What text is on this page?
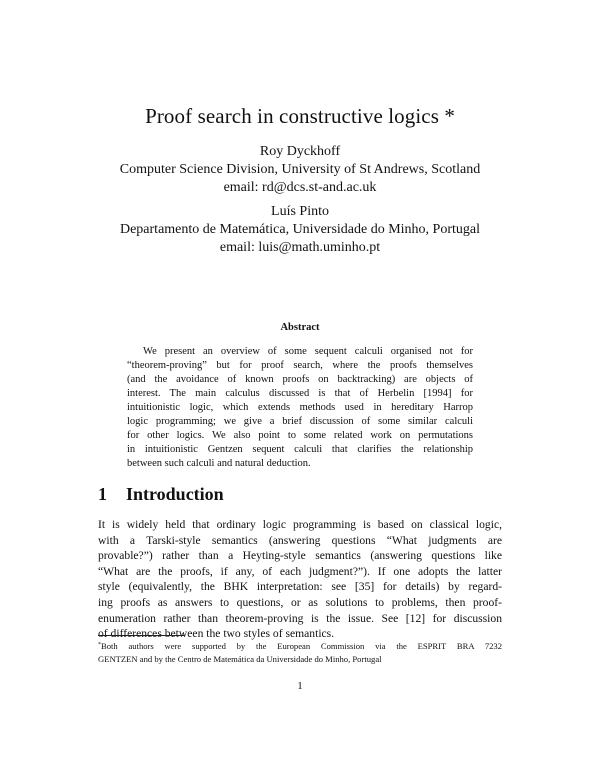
Proof search in constructive logics *
Roy Dyckhoff
Computer Science Division, University of St Andrews, Scotland
email: rd@dcs.st-and.ac.uk
Luís Pinto
Departamento de Matemática, Universidade do Minho, Portugal
email: luis@math.uminho.pt
Abstract
We present an overview of some sequent calculi organised not for
“theorem-proving” but for proof search, where the proofs themselves
(and the avoidance of known proofs on backtracking) are objects of
interest. The main calculus discussed is that of Herbelin [1994] for
intuitionistic logic, which extends methods used in hereditary Harrop
logic programming; we give a brief discussion of some similar calculi
for other logics. We also point to some related work on permutations
in intuitionistic Gentzen sequent calculi that clarifies the relationship
between such calculi and natural deduction.
1 Introduction
It is widely held that ordinary logic programming is based on classical logic,
with a Tarski-style semantics (answering questions “What judgments are
provable?”) rather than a Heyting-style semantics (answering questions like
“What are the proofs, if any, of each judgment?”). If one adopts the latter
style (equivalently, the BHK interpretation: see [35] for details) by regard-
ing proofs as answers to questions, or as solutions to problems, then proof-
enumeration rather than theorem-proving is the issue. See [12] for discussion
of differences between the two styles of semantics.
*Both authors were supported by the European Commission via the ESPRIT BRA 7232
GENTZEN and by the Centro de Matemática da Universidade do Minho, Portugal
1
